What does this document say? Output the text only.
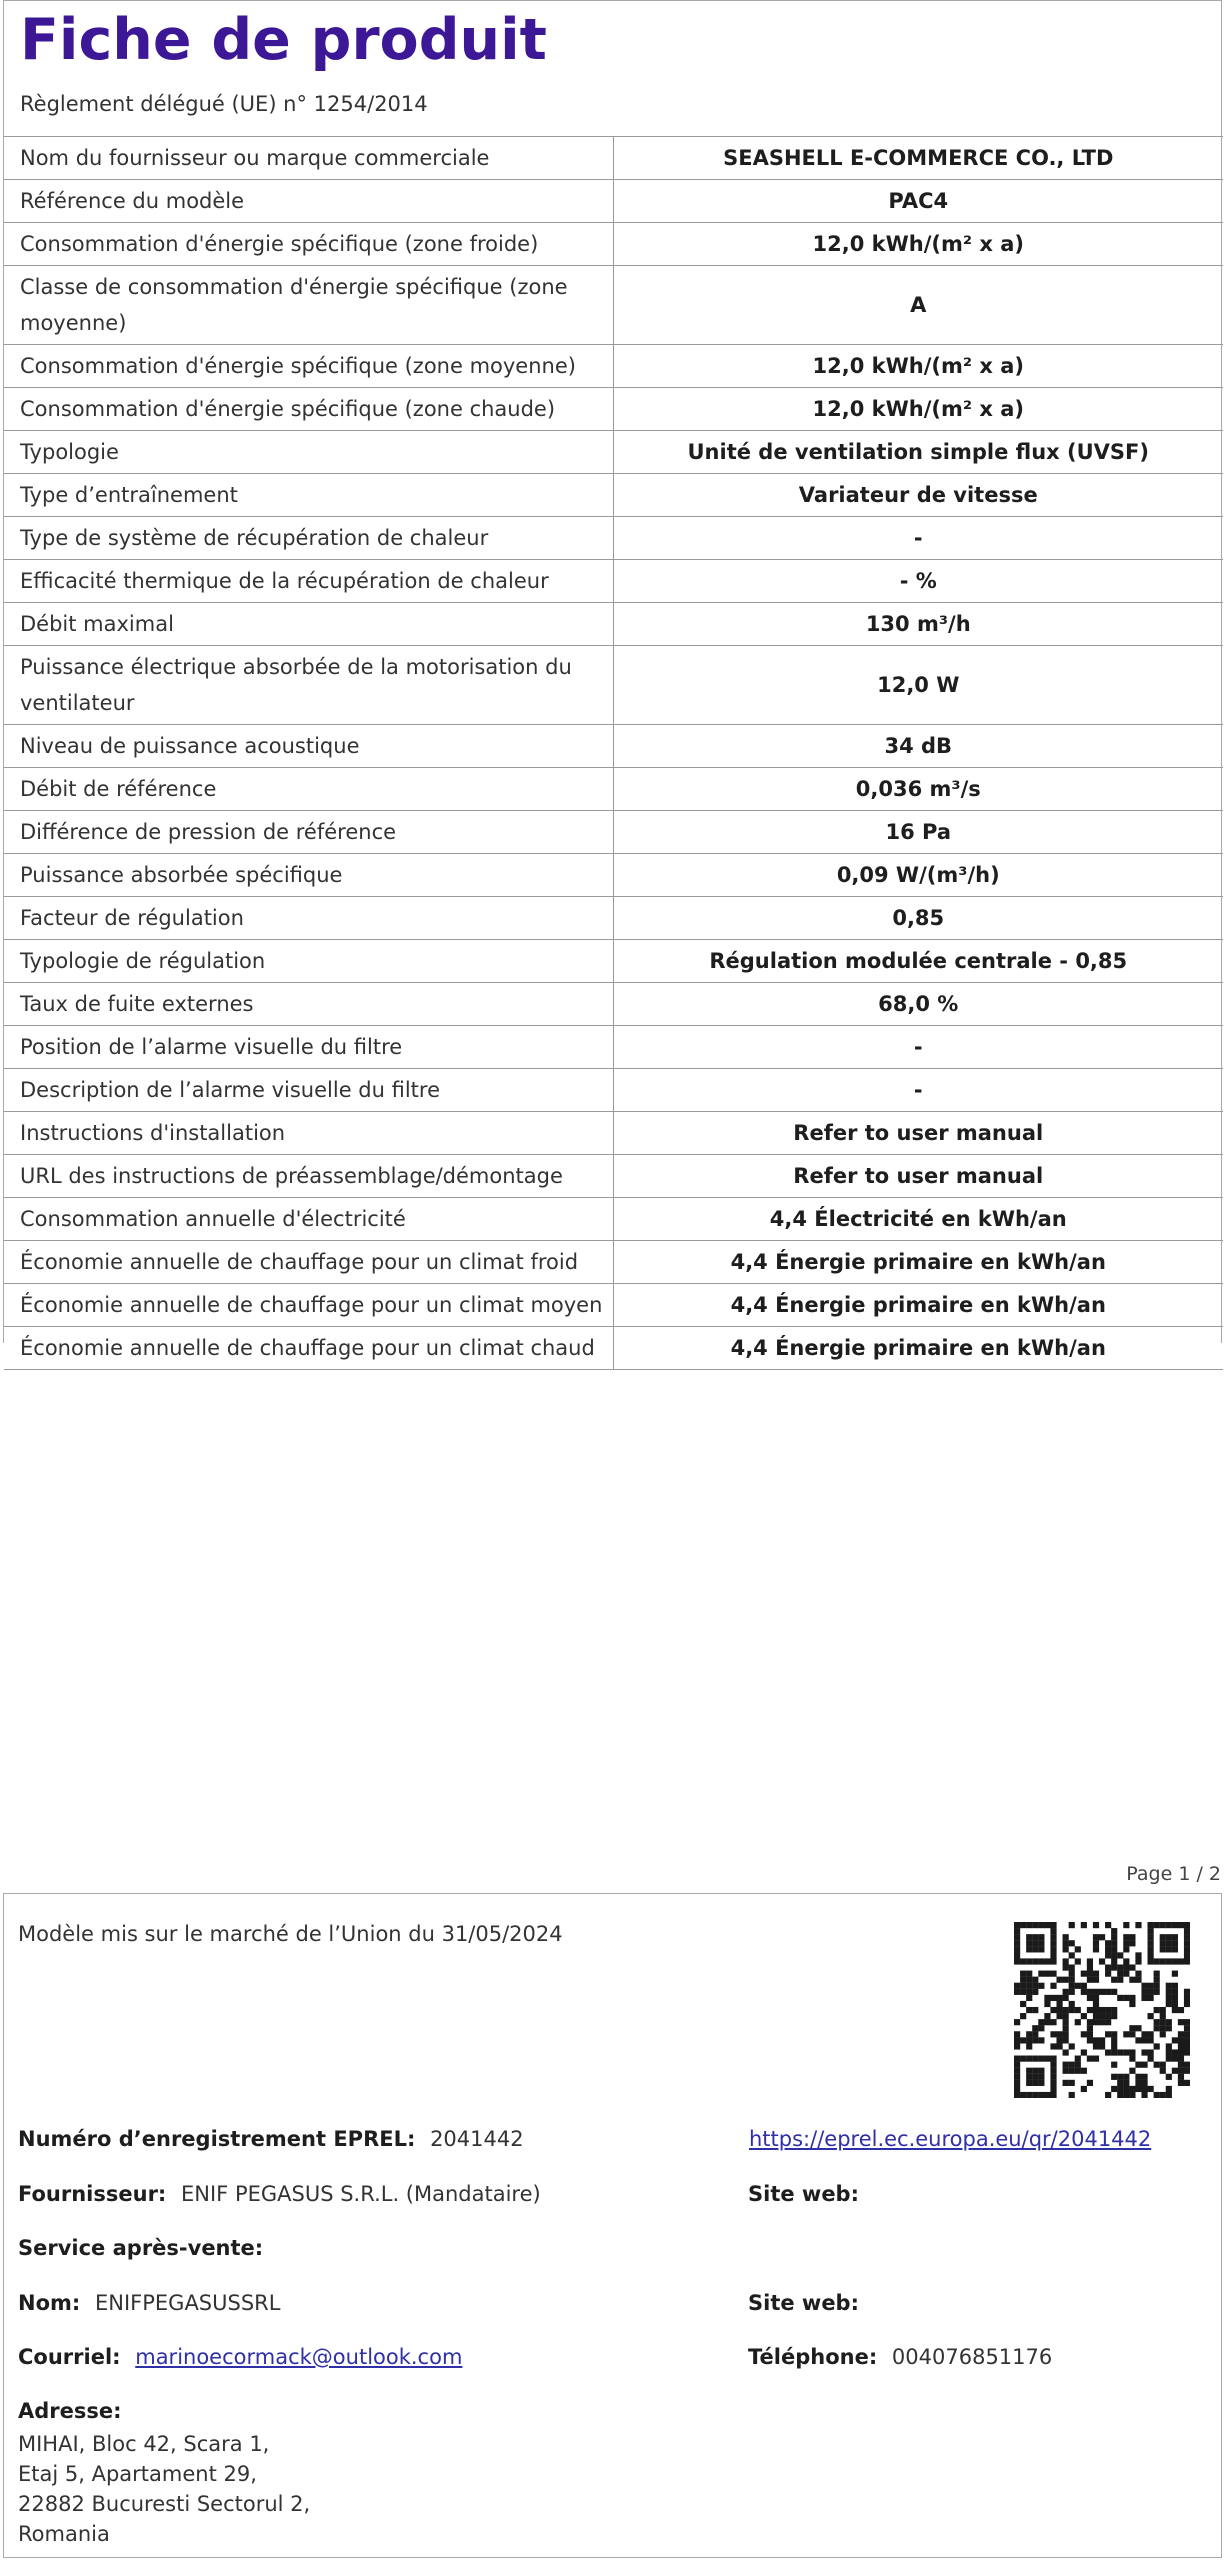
Fiche de produit
Règlement délégué (UE) n° 1254/2014
Nom du fournisseur ou marque commerciale	SEASHELL E-COMMERCE CO., LTD
Référence du modèle	PAC4
Consommation d'énergie spécifique (zone froide)	12,0 kWh/(m² x a)
Classe de consommation d'énergie spécifique (zone moyenne)	A
Consommation d'énergie spécifique (zone moyenne)	12,0 kWh/(m² x a)
Consommation d'énergie spécifique (zone chaude)	12,0 kWh/(m² x a)
Typologie	Unité de ventilation simple flux (UVSF)
Type d’entraînement	Variateur de vitesse
Type de système de récupération de chaleur	-
Efficacité thermique de la récupération de chaleur	- %
Débit maximal	130 m³/h
Puissance électrique absorbée de la motorisation du ventilateur	12,0 W
Niveau de puissance acoustique	34 dB
Débit de référence	0,036 m³/s
Différence de pression de référence	16 Pa
Puissance absorbée spécifique	0,09 W/(m³/h)
Facteur de régulation	0,85
Typologie de régulation	Régulation modulée centrale - 0,85
Taux de fuite externes	68,0 %
Position de l’alarme visuelle du filtre	-
Description de l’alarme visuelle du filtre	-
Instructions d'installation	Refer to user manual
URL des instructions de préassemblage/démontage	Refer to user manual
Consommation annuelle d'électricité	4,4 Électricité en kWh/an
Économie annuelle de chauffage pour un climat froid	4,4 Énergie primaire en kWh/an
Économie annuelle de chauffage pour un climat moyen	4,4 Énergie primaire en kWh/an
Économie annuelle de chauffage pour un climat chaud	4,4 Énergie primaire en kWh/an
Page 1 / 2
Modèle mis sur le marché de l’Union du 31/05/2024
Numéro d’enregistrement EPREL: 2041442	https://eprel.ec.europa.eu/qr/2041442
Fournisseur: ENIF PEGASUS S.R.L. (Mandataire)	Site web:
Service après-vente:
Nom: ENIFPEGASUSSRL	Site web:
Courriel: marinoecormack@outlook.com	Téléphone: 004076851176
Adresse:
MIHAI, Bloc 42, Scara 1,
Etaj 5, Apartament 29,
22882 Bucuresti Sectorul 2,
Romania
